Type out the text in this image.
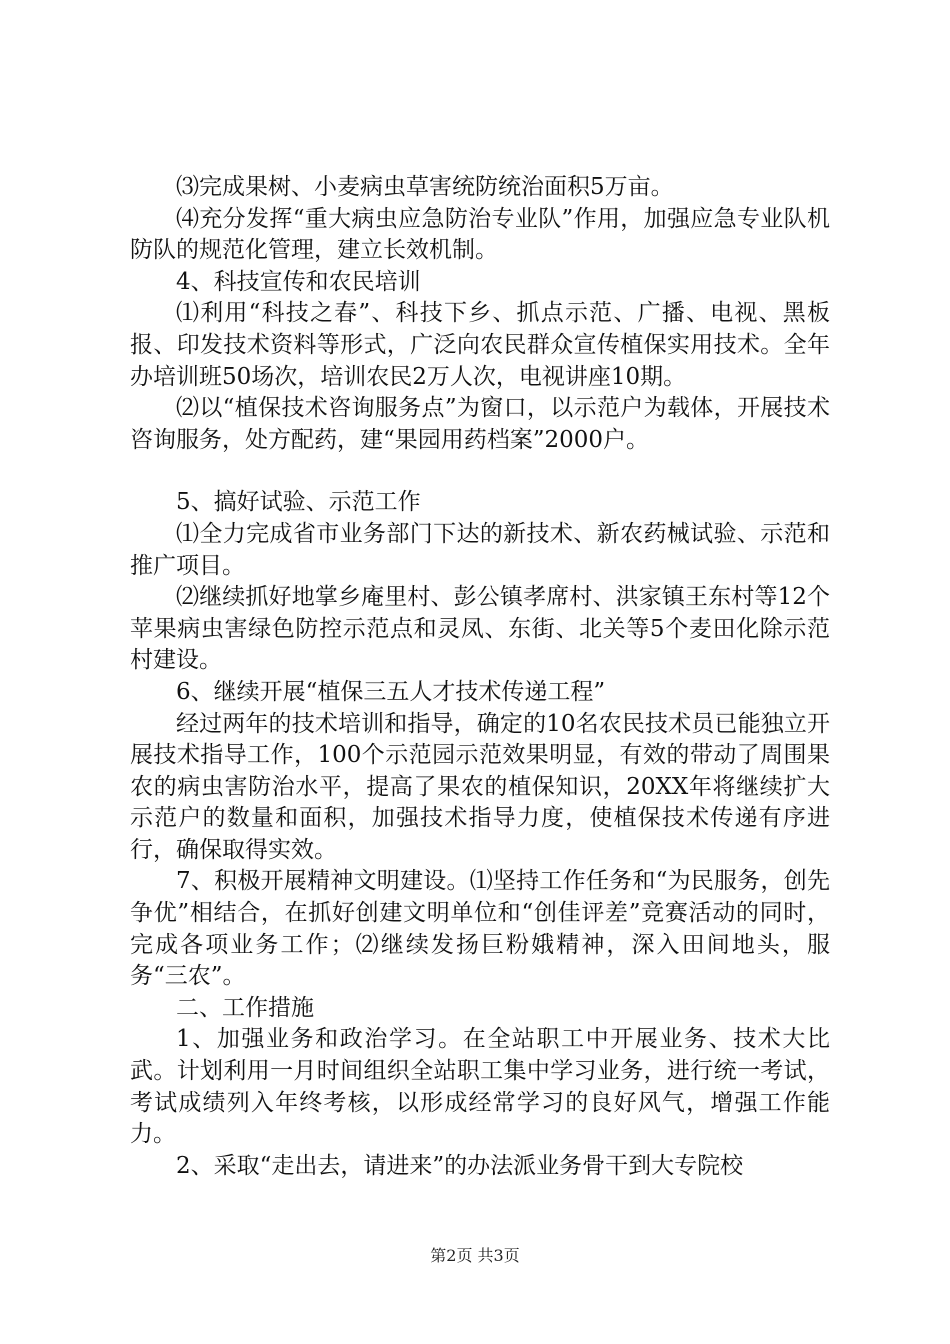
⑶完成果树、小麦病虫草害统防统治面积5万亩。

⑷充分发挥“重大病虫应急防治专业队”作用，加强应急专业队机防队的规范化管理，建立长效机制。

4、科技宣传和农民培训

⑴利用“科技之春”、科技下乡、抓点示范、广播、电视、黑板报、印发技术资料等形式，广泛向农民群众宣传植保实用技术。全年办培训班50场次，培训农民2万人次，电视讲座10期。

⑵以“植保技术咨询服务点”为窗口，以示范户为载体，开展技术咨询服务，处方配药，建“果园用药档案”2000户。

5、搞好试验、示范工作

⑴全力完成省市业务部门下达的新技术、新农药械试验、示范和推广项目。

⑵继续抓好地掌乡庵里村、彭公镇孝席村、洪家镇王东村等12个苹果病虫害绿色防控示范点和灵凤、东街、北关等5个麦田化除示范村建设。

6、继续开展“植保三五人才技术传递工程”

经过两年的技术培训和指导，确定的10名农民技术员已能独立开展技术指导工作，100个示范园示范效果明显，有效的带动了周围果农的病虫害防治水平，提高了果农的植保知识，20XX年将继续扩大示范户的数量和面积，加强技术指导力度，使植保技术传递有序进行，确保取得实效。

7、积极开展精神文明建设。⑴坚持工作任务和“为民服务，创先争优”相结合，在抓好创建文明单位和“创佳评差”竞赛活动的同时，完成各项业务工作；⑵继续发扬巨粉娥精神，深入田间地头，服务“三农”。

二、工作措施

1、加强业务和政治学习。在全站职工中开展业务、技术大比武。计划利用一月时间组织全站职工集中学习业务，进行统一考试，考试成绩列入年终考核，以形成经常学习的良好风气，增强工作能力。

2、采取“走出去，请进来”的办法派业务骨干到大专院校

第2页 共3页
